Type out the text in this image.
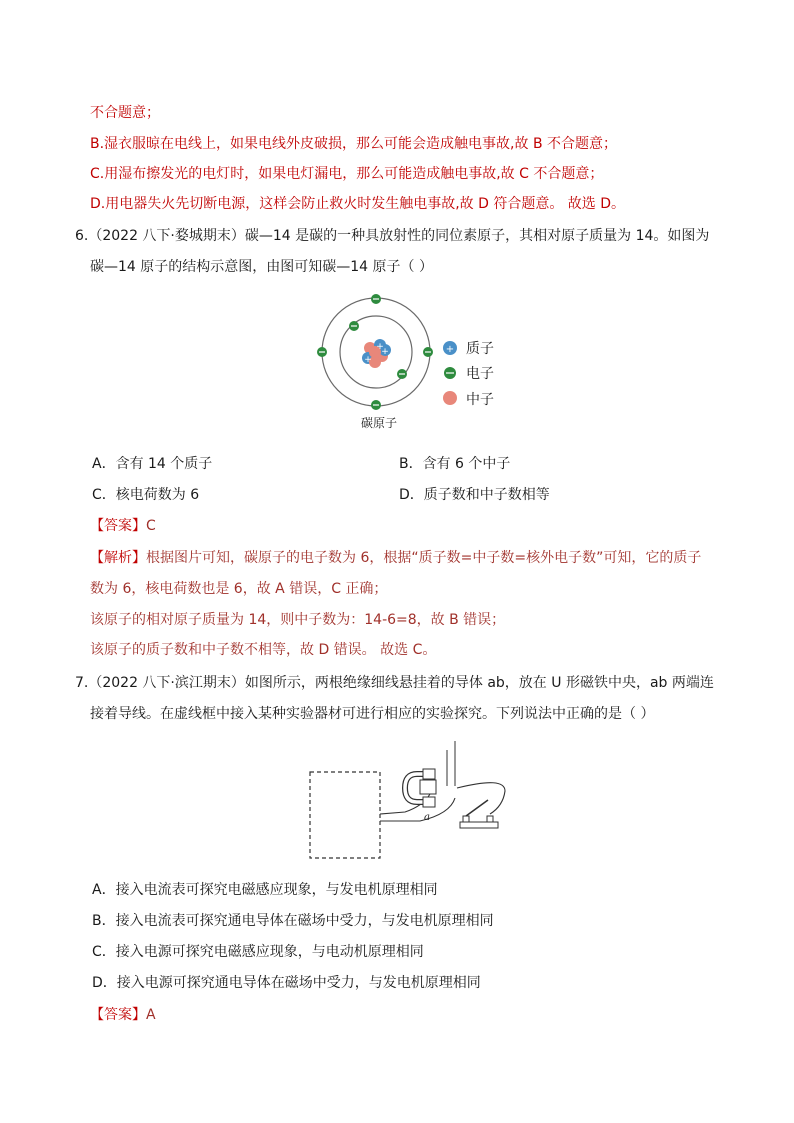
不合题意；
B.湿衣服晾在电线上，如果电线外皮破损，那么可能会造成触电事故,故 B 不合题意；
C.用湿布擦发光的电灯时，如果电灯漏电，那么可能造成触电事故,故 C 不合题意；
D.用电器失火先切断电源，这样会防止救火时发生触电事故,故 D 符合题意。 故选 D。
6.（2022 八下·婺城期末）碳—14 是碳的一种具放射性的同位素原子，其相对原子质量为 14。如图为
碳—14 原子的结构示意图，由图可知碳—14 原子（ ）
+
+
+	+ 质子
电子
中子
碳原子
A．含有 14 个质子	B．含有 6 个中子
C．核电荷数为 6	D．质子数和中子数相等
【答案】C
【解析】根据图片可知，碳原子的电子数为 6，根据“质子数=中子数=核外电子数”可知，它的质子
数为 6，核电荷数也是 6，故 A 错误，C 正确；
该原子的相对原子质量为 14，则中子数为：14-6=8，故 B 错误；
该原子的质子数和中子数不相等，故 D 错误。 故选 C。
7.（2022 八下·滨江期末）如图所示，两根绝缘细线悬挂着的导体 ab，放在 U 形磁铁中央，ab 两端连
接着导线。在虚线框中接入某种实验器材可进行相应的实验探究。下列说法中正确的是（ ）
a
A．接入电流表可探究电磁感应现象，与发电机原理相同
B．接入电流表可探究通电导体在磁场中受力，与发电机原理相同
C．接入电源可探究电磁感应现象，与电动机原理相同
D．接入电源可探究通电导体在磁场中受力，与发电机原理相同
【答案】A
